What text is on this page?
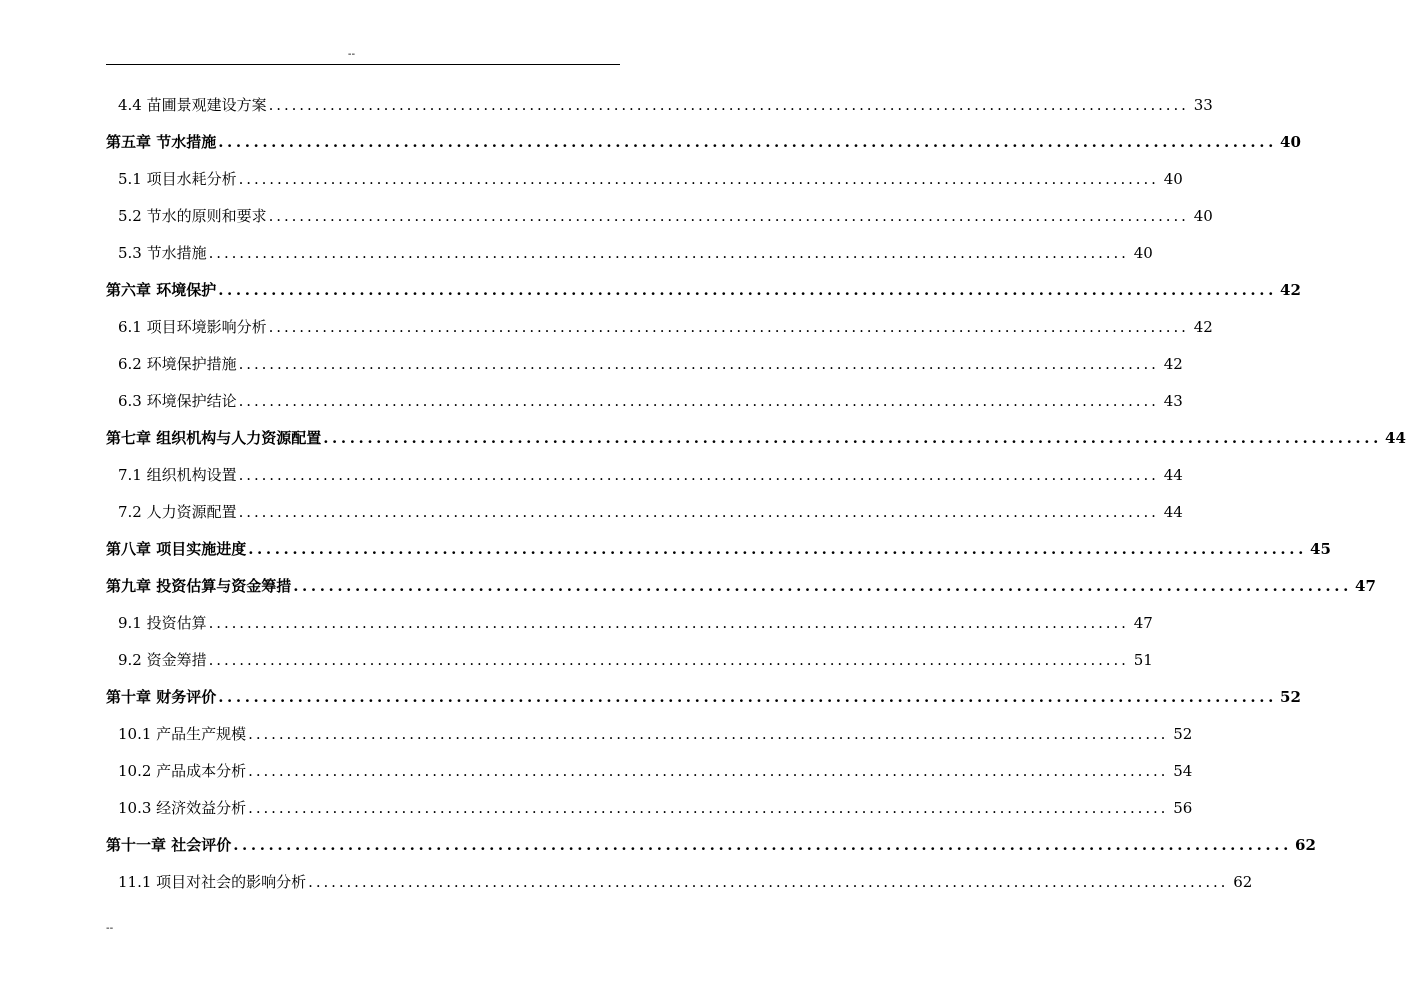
--
4.4 苗圃景观建设方案 ........................................................................................................................ 33
第五章 节水措施 ........................................................................................................................ 40
5.1 项目水耗分析 ........................................................................................................................ 40
5.2 节水的原则和要求 ........................................................................................................................ 40
5.3 节水措施 ........................................................................................................................ 40
第六章 环境保护 ........................................................................................................................ 42
6.1 项目环境影响分析 ........................................................................................................................ 42
6.2 环境保护措施 ........................................................................................................................ 42
6.3 环境保护结论 ........................................................................................................................ 43
第七章 组织机构与人力资源配置 ........................................................................................................................ 44
7.1 组织机构设置 ........................................................................................................................ 44
7.2 人力资源配置 ........................................................................................................................ 44
第八章 项目实施进度 ........................................................................................................................ 45
第九章 投资估算与资金筹措 ........................................................................................................................ 47
9.1 投资估算 ........................................................................................................................ 47
9.2 资金筹措 ........................................................................................................................ 51
第十章 财务评价 ........................................................................................................................ 52
10.1 产品生产规模 ........................................................................................................................ 52
10.2 产品成本分析 ........................................................................................................................ 54
10.3 经济效益分析 ........................................................................................................................ 56
第十一章 社会评价 ........................................................................................................................ 62
11.1 项目对社会的影响分析 ........................................................................................................................ 62
--
